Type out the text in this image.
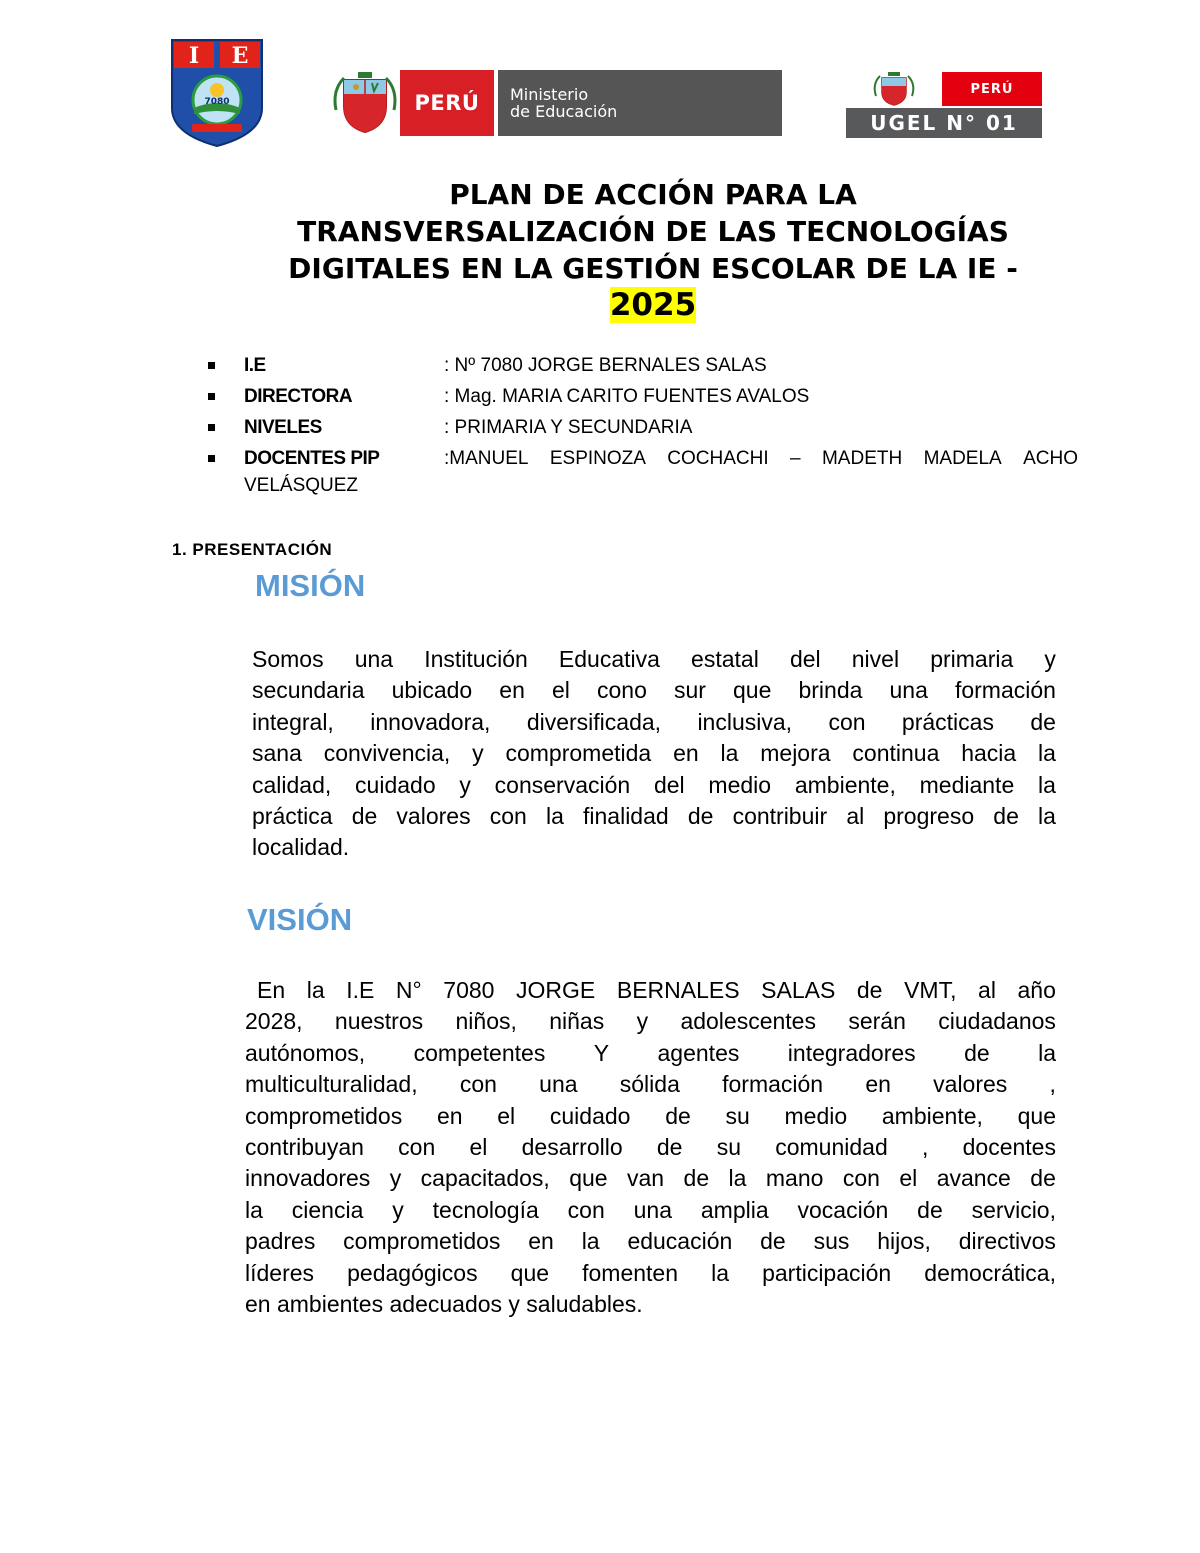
I E
7080	PERÚ	Ministerio
de Educación
PERÚ
UGEL N° 01
PLAN DE ACCIÓN PARA LA
TRANSVERSALIZACIÓN DE LAS TECNOLOGÍAS
DIGITALES EN LA GESTIÓN ESCOLAR DE LA IE -
2025
I.E	: Nº 7080 JORGE BERNALES SALAS
DIRECTORA	: Mag. MARIA CARITO FUENTES AVALOS
NIVELES	: PRIMARIA Y SECUNDARIA
DOCENTES PIP	:MANUEL ESPINOZA COCHACHI – MADETH MADELA ACHO
VELÁSQUEZ
1. PRESENTACIÓN
MISIÓN
Somos una Institución Educativa estatal del nivel primaria y
secundaria ubicado en el cono sur que brinda una formación
integral, innovadora, diversificada, inclusiva, con prácticas de
sana convivencia, y comprometida en la mejora continua hacia la
calidad, cuidado y conservación del medio ambiente, mediante la
práctica de valores con la finalidad de contribuir al progreso de la
localidad.
VISIÓN
En la I.E N° 7080 JORGE BERNALES SALAS de VMT, al año
2028, nuestros niños, niñas y adolescentes serán ciudadanos
autónomos, competentes Y agentes integradores de la
multiculturalidad, con una sólida formación en valores ,
comprometidos en el cuidado de su medio ambiente, que
contribuyan con el desarrollo de su comunidad , docentes
innovadores y capacitados, que van de la mano con el avance de
la ciencia y tecnología con una amplia vocación de servicio,
padres comprometidos en la educación de sus hijos, directivos
líderes pedagógicos que fomenten la participación democrática,
en ambientes adecuados y saludables.
